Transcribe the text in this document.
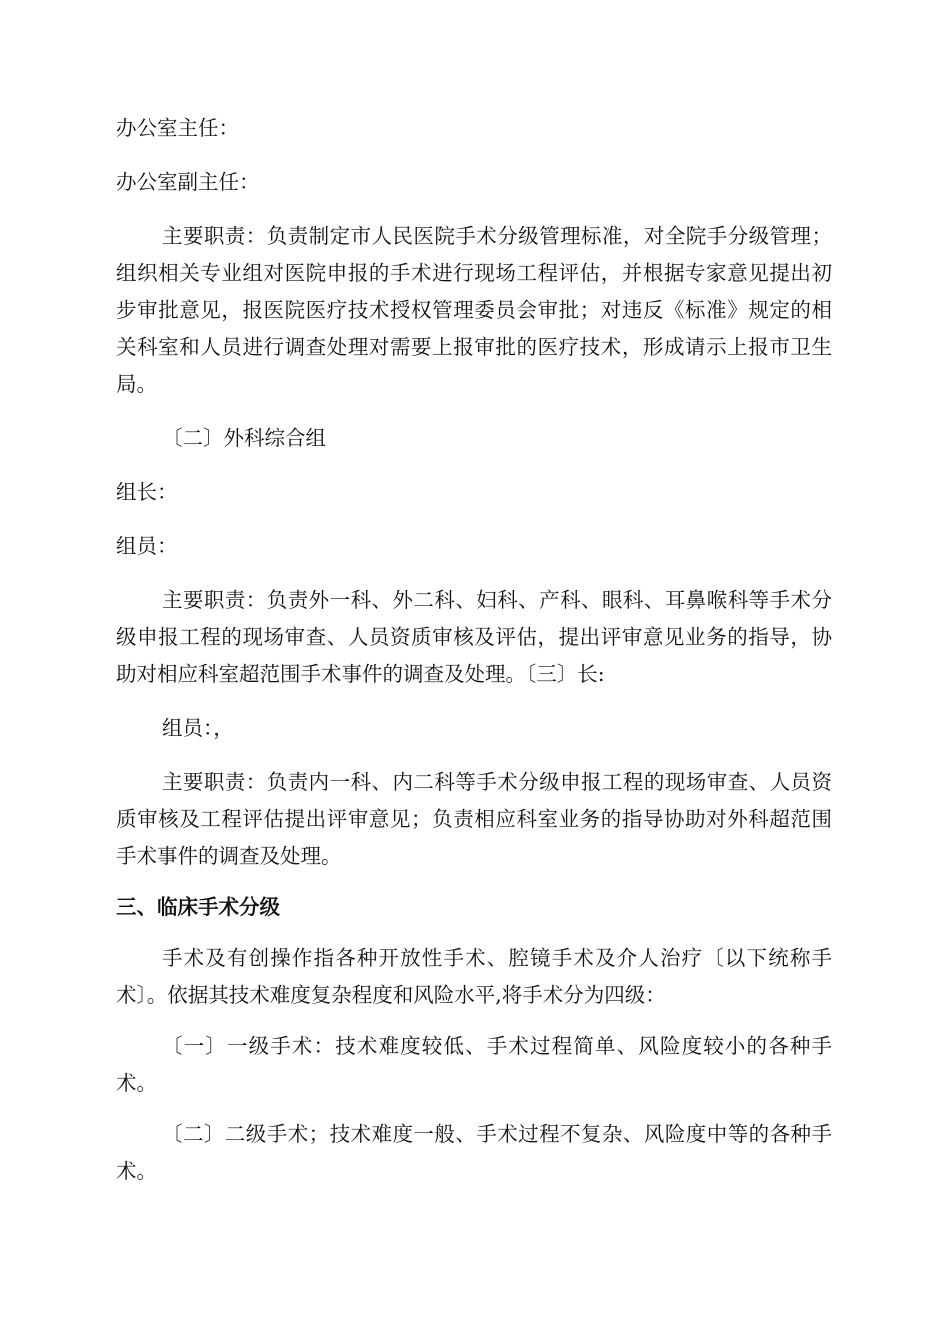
办公室主任：

办公室副主任：

主要职责：负责制定市人民医院手术分级管理标准，对全院手分级管理；组织相关专业组对医院申报的手术进行现场工程评估，并根据专家意见提出初步审批意见，报医院医疗技术授权管理委员会审批；对违反《标准》规定的相关科室和人员进行调查处理对需要上报审批的医疗技术，形成请示上报市卫生局。

〔二〕外科综合组

组长：

组员：

主要职责：负责外一科、外二科、妇科、产科、眼科、耳鼻喉科等手术分级申报工程的现场审查、人员资质审核及评估，提出评审意见业务的指导，协助对相应科室超范围手术事件的调查及处理。〔三〕长:

组员：，

主要职责：负责内一科、内二科等手术分级申报工程的现场审查、人员资质审核及工程评估提出评审意见；负责相应科室业务的指导协助对外科超范围手术事件的调查及处理。

三、临床手术分级

手术及有创操作指各种开放性手术、腔镜手术及介人治疗〔以下统称手术〕。依据其技术难度复杂程度和风险水平,将手术分为四级：

〔一〕一级手术：技术难度较低、手术过程简单、风险度较小的各种手术。

〔二〕二级手术；技术难度一般、手术过程不复杂、风险度中等的各种手术。
